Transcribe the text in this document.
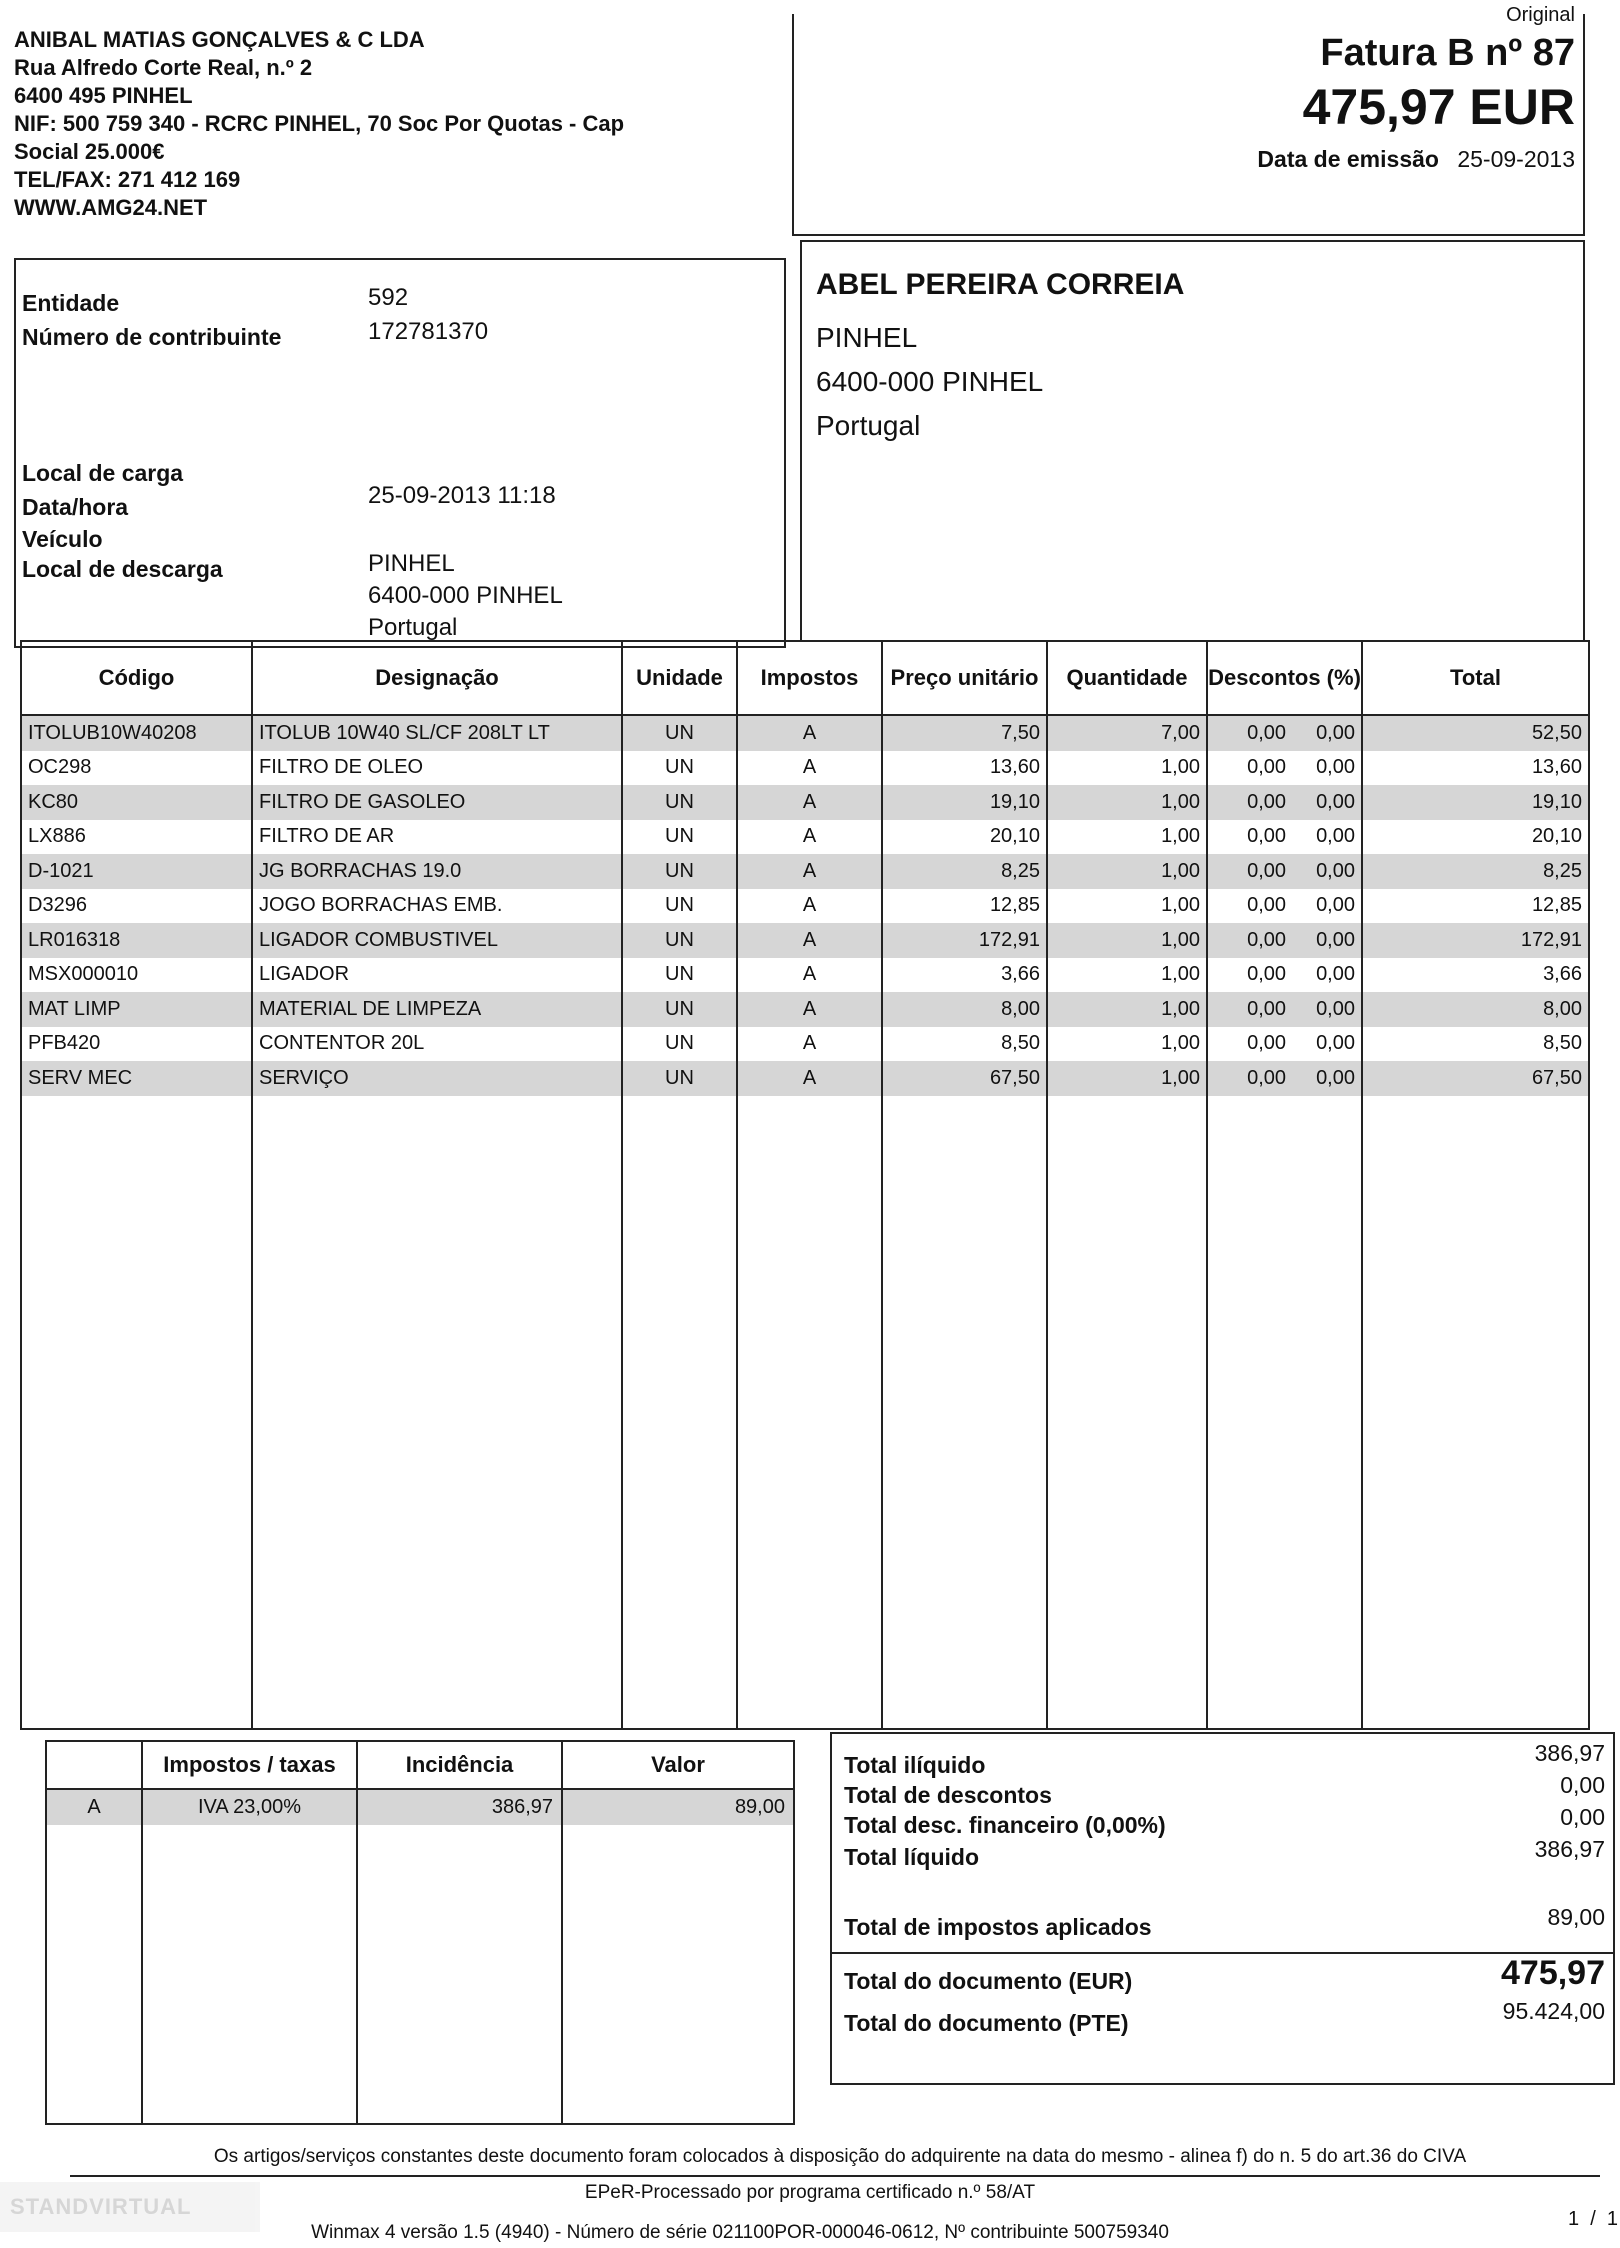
ANIBAL MATIAS GONÇALVES & C LDA
Rua Alfredo Corte Real, n.º 2
6400 495 PINHEL
NIF: 500 759 340 - RCRC PINHEL, 70 Soc Por Quotas - Cap
Social 25.000€
TEL/FAX: 271 412 169
WWW.AMG24.NET
Original
Fatura B nº 87
475,97 EUR
Data de emissão 25-09-2013
Entidade	592
Número de contribuinte	172781370
Local de carga
Data/hora	25-09-2013 11:18
Veículo
Local de descarga	PINHEL
6400-000 PINHEL
Portugal
ABEL PEREIRA CORREIA
PINHEL
6400-000 PINHEL
Portugal
Código	Designação	Unidade	Impostos	Preço unitário	Quantidade	Descontos (%)	Total
ITOLUB10W40208	ITOLUB 10W40 SL/CF 208LT LT	UN	A	7,50	7,00	0,00 0,00	52,50
OC298	FILTRO DE OLEO	UN	A	13,60	1,00	0,00 0,00	13,60
KC80	FILTRO DE GASOLEO	UN	A	19,10	1,00	0,00 0,00	19,10
LX886	FILTRO DE AR	UN	A	20,10	1,00	0,00 0,00	20,10
D-1021	JG BORRACHAS 19.0	UN	A	8,25	1,00	0,00 0,00	8,25
D3296	JOGO BORRACHAS EMB.	UN	A	12,85	1,00	0,00 0,00	12,85
LR016318	LIGADOR COMBUSTIVEL	UN	A	172,91	1,00	0,00 0,00	172,91
MSX000010	LIGADOR	UN	A	3,66	1,00	0,00 0,00	3,66
MAT LIMP	MATERIAL DE LIMPEZA	UN	A	8,00	1,00	0,00 0,00	8,00
PFB420	CONTENTOR 20L	UN	A	8,50	1,00	0,00 0,00	8,50
SERV MEC	SERVIÇO	UN	A	67,50	1,00	0,00 0,00	67,50

	Impostos / taxas	Incidência	Valor
A	IVA 23,00%	386,97	89,00

Total ilíquido	386,97
Total de descontos	0,00
Total desc. financeiro (0,00%)	0,00
Total líquido	386,97
Total de impostos aplicados	89,00
Total do documento (EUR)	475,97
Total do documento (PTE)	95.424,00
Os artigos/serviços constantes deste documento foram colocados à disposição do adquirente na data do mesmo - alinea f) do n. 5 do art.36 do CIVA
EPeR-Processado por programa certificado n.º 58/AT
Winmax 4 versão 1.5 (4940) - Número de série 021100POR-000046-0612, Nº contribuinte 500759340
1  /  1
STANDVIRTUAL
